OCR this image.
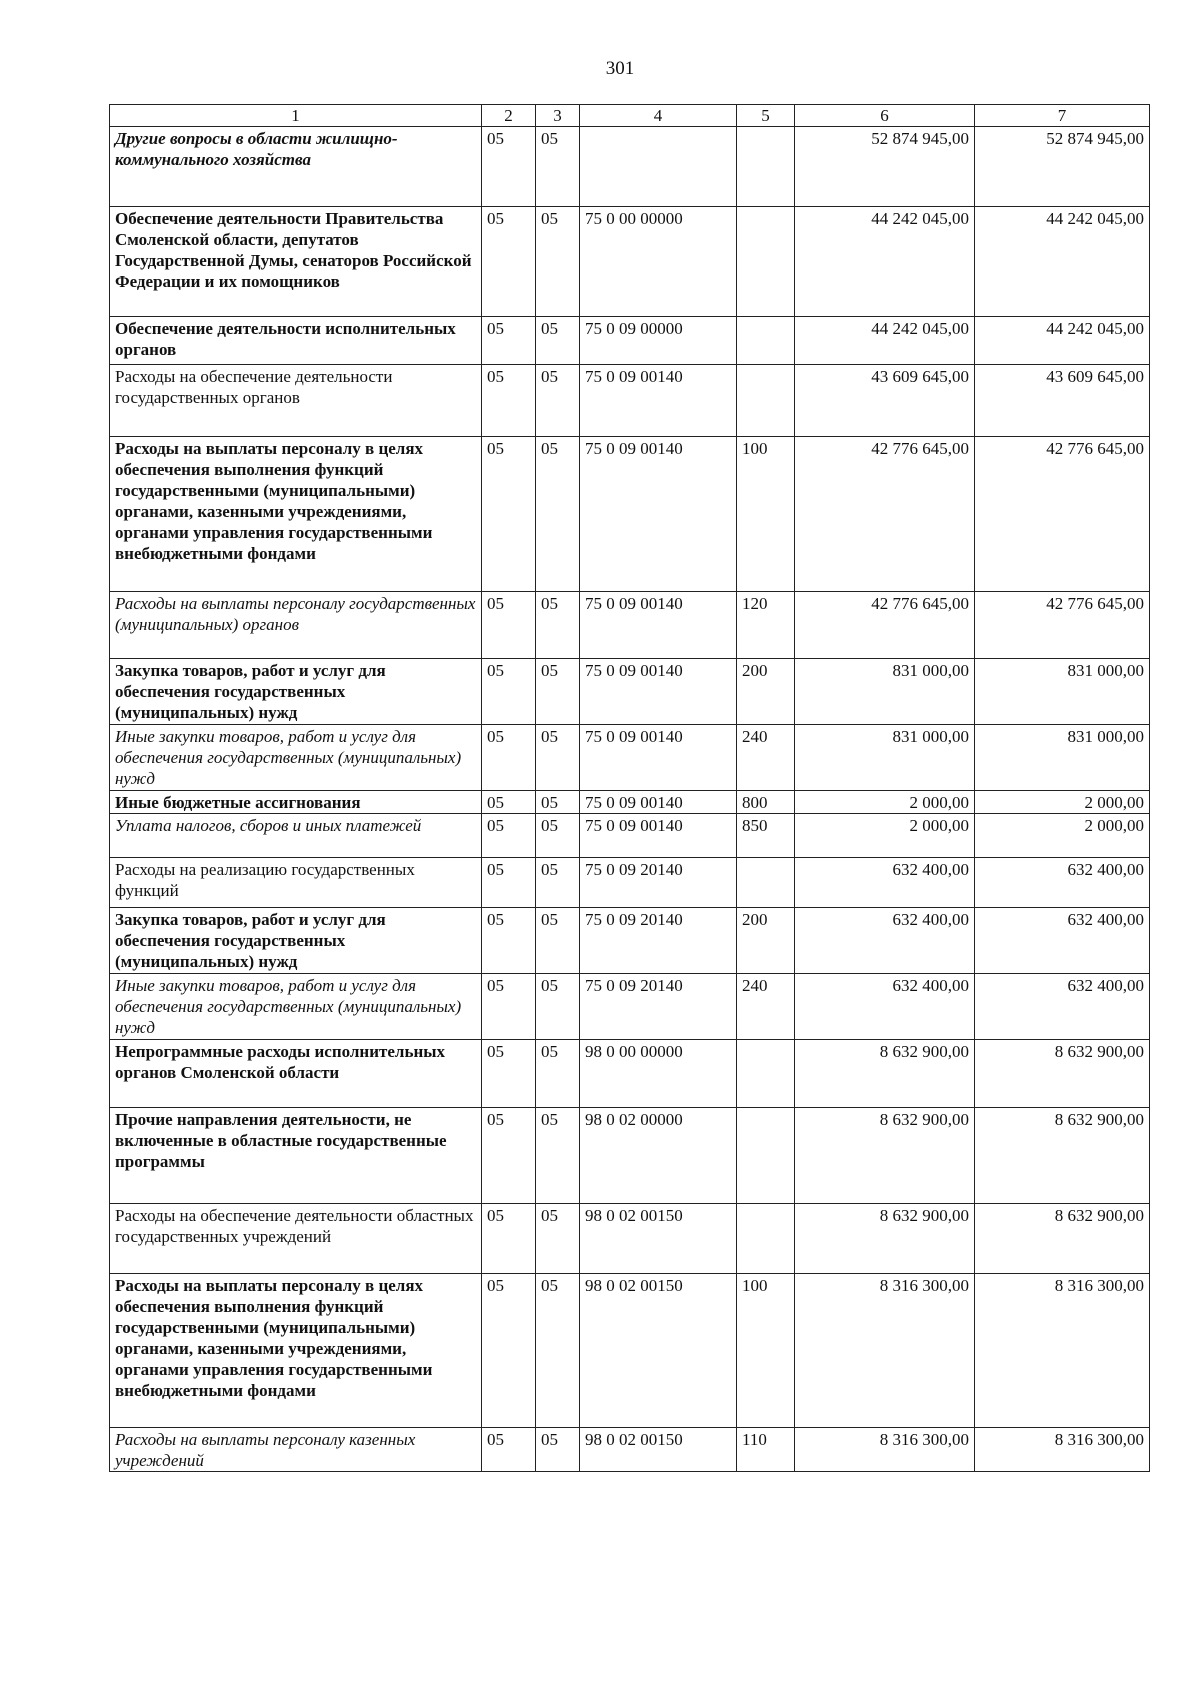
301
1	2	3	4	5	6	7
Другие вопросы в области жилищно-коммунального хозяйства	05	05			52 874 945,00	52 874 945,00
Обеспечение деятельности Правительства Смоленской области, депутатов Государственной Думы, сенаторов Российской Федерации и их помощников	05	05	75 0 00 00000		44 242 045,00	44 242 045,00
Обеспечение деятельности исполнительных органов	05	05	75 0 09 00000		44 242 045,00	44 242 045,00
Расходы на обеспечение деятельности государственных органов	05	05	75 0 09 00140		43 609 645,00	43 609 645,00
Расходы на выплаты персоналу в целях обеспечения выполнения функций государственными (муниципальными) органами, казенными учреждениями, органами управления государственными внебюджетными фондами	05	05	75 0 09 00140	100	42 776 645,00	42 776 645,00
Расходы на выплаты персоналу государственных (муниципальных) органов	05	05	75 0 09 00140	120	42 776 645,00	42 776 645,00
Закупка товаров, работ и услуг для обеспечения государственных (муниципальных) нужд	05	05	75 0 09 00140	200	831 000,00	831 000,00
Иные закупки товаров, работ и услуг для обеспечения государственных (муниципальных) нужд	05	05	75 0 09 00140	240	831 000,00	831 000,00
Иные бюджетные ассигнования	05	05	75 0 09 00140	800	2 000,00	2 000,00
Уплата налогов, сборов и иных платежей	05	05	75 0 09 00140	850	2 000,00	2 000,00
Расходы на реализацию государственных функций	05	05	75 0 09 20140		632 400,00	632 400,00
Закупка товаров, работ и услуг для обеспечения государственных (муниципальных) нужд	05	05	75 0 09 20140	200	632 400,00	632 400,00
Иные закупки товаров, работ и услуг для обеспечения государственных (муниципальных) нужд	05	05	75 0 09 20140	240	632 400,00	632 400,00
Непрограммные расходы исполнительных органов Смоленской области	05	05	98 0 00 00000		8 632 900,00	8 632 900,00
Прочие направления деятельности, не включенные в областные государственные программы	05	05	98 0 02 00000		8 632 900,00	8 632 900,00
Расходы на обеспечение деятельности областных государственных учреждений	05	05	98 0 02 00150		8 632 900,00	8 632 900,00
Расходы на выплаты персоналу в целях обеспечения выполнения функций государственными (муниципальными) органами, казенными учреждениями, органами управления государственными внебюджетными фондами	05	05	98 0 02 00150	100	8 316 300,00	8 316 300,00
Расходы на выплаты персоналу казенных учреждений	05	05	98 0 02 00150	110	8 316 300,00	8 316 300,00
